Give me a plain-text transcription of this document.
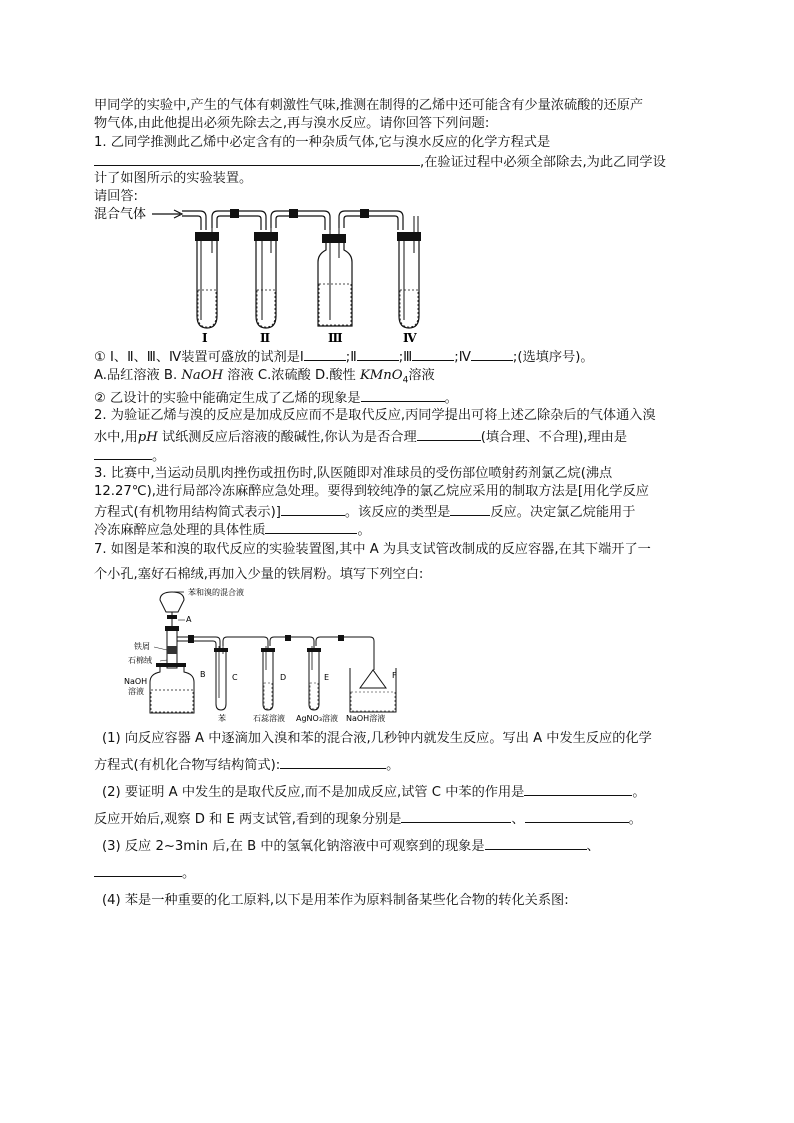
甲同学的实验中,产生的气体有刺激性气味,推测在制得的乙烯中还可能含有少量浓硫酸的还原产
物气体,由此他提出必须先除去之,再与溴水反应。请你回答下列问题:
1. 乙同学推测此乙烯中必定含有的一种杂质气体,它与溴水反应的化学方程式是
,在验证过程中必须全部除去,为此乙同学设
计了如图所示的实验装置。
请回答:
混合气体
Ⅰ	Ⅱ	Ⅲ	Ⅳ
① Ⅰ、Ⅱ、Ⅲ、Ⅳ装置可盛放的试剂是Ⅰ	;Ⅱ	;Ⅲ	;Ⅳ	;(选填序号)。
A.品红溶液 B. NaOH 溶液 C.浓硫酸 D.酸性 KMnO$_4$溶液
② 乙设计的实验中能确定生成了乙烯的现象是	。
2. 为验证乙烯与溴的反应是加成反应而不是取代反应,丙同学提出可将上述乙除杂后的气体通入溴
水中,用pH 试纸测反应后溶液的酸碱性,你认为是否合理	(填合理、不合理),理由是
。
3. 比赛中,当运动员肌肉挫伤或扭伤时,队医随即对准球员的受伤部位喷射药剂氯乙烷(沸点
12.27℃),进行局部冷冻麻醉应急处理。要得到较纯净的氯乙烷应采用的制取方法是[用化学反应
方程式(有机物用结构简式表示)]	。该反应的类型是	反应。决定氯乙烷能用于
冷冻麻醉应急处理的具体性质	。
7. 如图是苯和溴的取代反应的实验装置图,其中 A 为具支试管改制成的反应容器,在其下端开了一
个小孔,塞好石棉绒,再加入少量的铁屑粉。填写下列空白:
苯和溴的混合液
A
铁屑
石棉绒
NaOH
溶液
B	C	D	E	F
苯	石蕊溶液 AgNO₃溶液 NaOH溶液
(1) 向反应容器 A 中逐滴加入溴和苯的混合液,几秒钟内就发生反应。写出 A 中发生反应的化学
方程式(有机化合物写结构简式):	。
(2) 要证明 A 中发生的是取代反应,而不是加成反应,试管 C 中苯的作用是	。
反应开始后,观察 D 和 E 两支试管,看到的现象分别是	、	。
(3) 反应 2~3min 后,在 B 中的氢氧化钠溶液中可观察到的现象是	、
。
(4) 苯是一种重要的化工原料,以下是用苯作为原料制备某些化合物的转化关系图:
